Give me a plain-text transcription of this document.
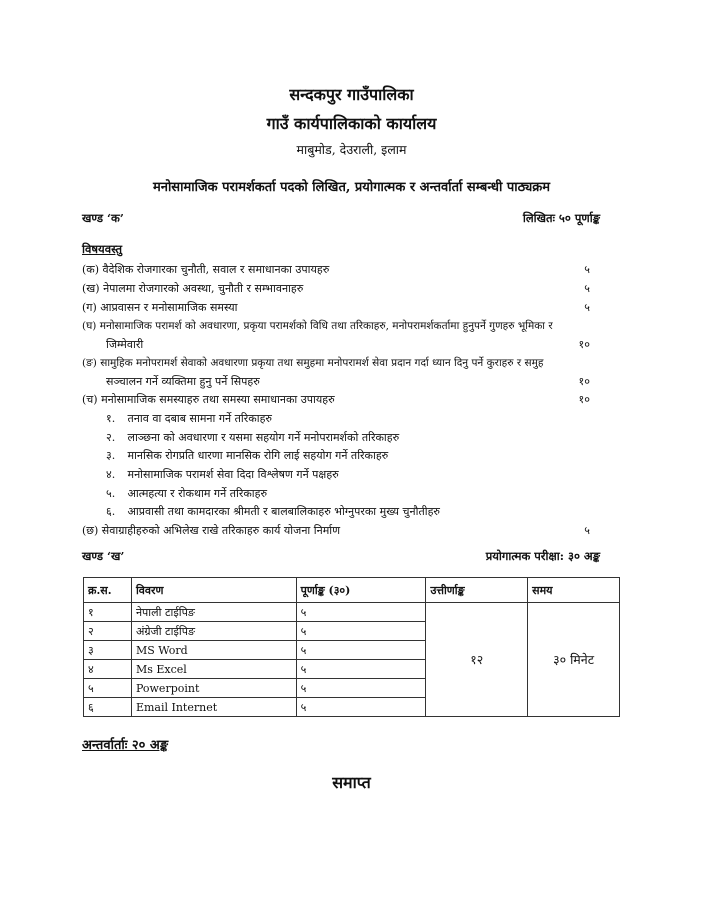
सन्दकपुर गाउँपालिका
गाउँ कार्यपालिकाको कार्यालय
माबुमोड, देउराली, इलाम
मनोसामाजिक परामर्शकर्ता पदको लिखित, प्रयोगात्मक र अन्तर्वार्ता सम्बन्धी पाठ्यक्रम
खण्ड ‘क’	लिखितः ५० पूर्णाङ्क
विषयवस्तु
(क) वैदेशिक रोजगारका चुनौती, सवाल र समाधानका उपायहरु	५
(ख) नेपालमा रोजगारको अवस्था, चुनौती र सम्भावनाहरु	५
(ग) आप्रवासन र मनोसामाजिक समस्या	५
(घ) मनोसामाजिक परामर्श को अवधारणा, प्रकृया परामर्शको विधि तथा तरिकाहरु, मनोपरामर्शकर्तामा हुनुपर्ने गुणहरु भूमिका र
जिम्मेवारी	१०
(ङ) सामुहिक मनोपरामर्श सेवाको अवधारणा प्रकृया तथा समुहमा मनोपरामर्श सेवा प्रदान गर्दा ध्यान दिनु पर्ने कुराहरु र समुह
सञ्चालन गर्ने व्यक्तिमा हुनु पर्ने सिपहरु	१०
(च) मनोसामाजिक समस्याहरु तथा समस्या समाधानका उपायहरु	१०
१. तनाव वा दबाब सामना गर्ने तरिकाहरु
२. लाञ्छना को अवधारणा र यसमा सहयोग गर्ने मनोपरामर्शको तरिकाहरु
३. मानसिक रोगप्रति धारणा मानसिक रोगि लाई सहयोग गर्ने तरिकाहरु
४. मनोसामाजिक परामर्श सेवा दिदा विश्लेषण गर्ने पक्षहरु
५. आत्महत्या र रोकथाम गर्ने तरिकाहरु
६. आप्रवासी तथा कामदारका श्रीमती र बालबालिकाहरु भोग्नुपरका मुख्य चुनौतीहरु
(छ) सेवाग्राहीहरुको अभिलेख राखे तरिकाहरु कार्य योजना निर्माण	५
खण्ड ‘ख’	प्रयोगात्मक परीक्षा: ३० अङ्क
क्र.स.	विवरण	पूर्णाङ्क (३०)	उत्तीर्णाङ्क	समय
१	नेपाली टाईपिङ	५	१२	३० मिनेट
२	अंग्रेजी टाईपिङ	५		
३	MS Word	५		
४	Ms Excel	५		
५	Powerpoint	५		
६	Email Internet	५		
अन्तर्वार्ताः २० अङ्क
समाप्त
